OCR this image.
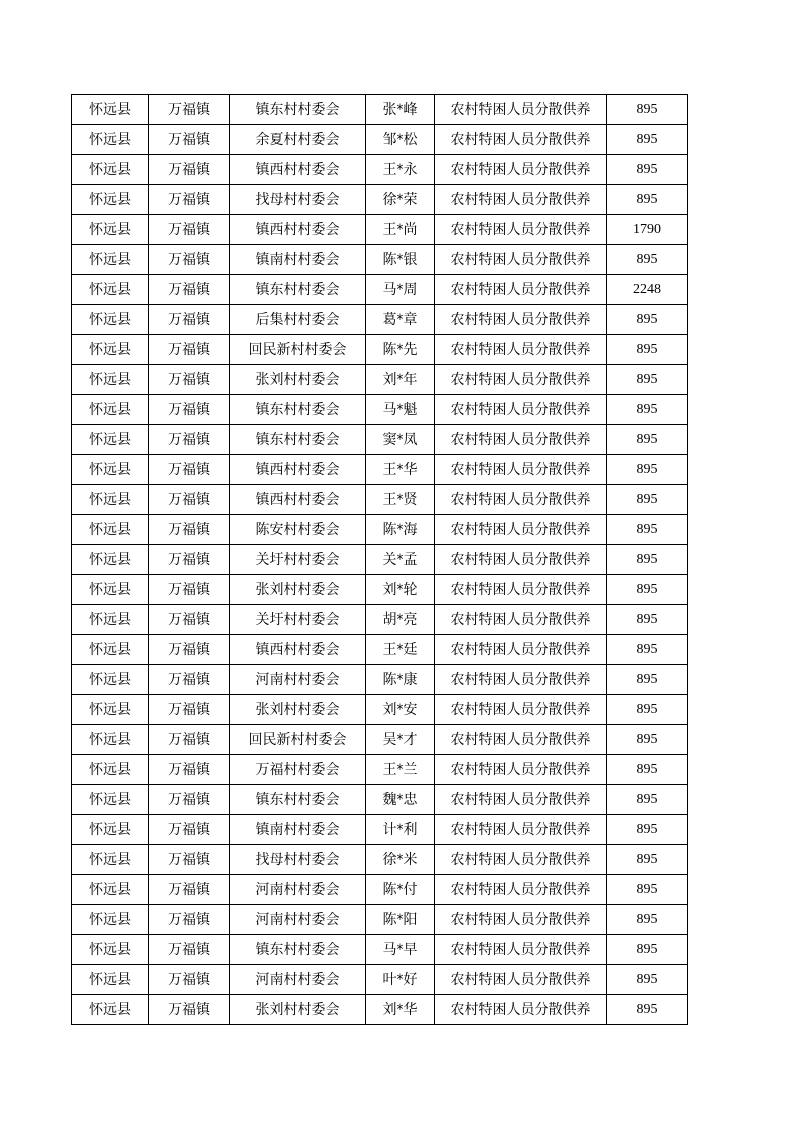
怀远县	万福镇	镇东村村委会	张*峰	农村特困人员分散供养	895
怀远县	万福镇	余夏村村委会	邹*松	农村特困人员分散供养	895
怀远县	万福镇	镇西村村委会	王*永	农村特困人员分散供养	895
怀远县	万福镇	找母村村委会	徐*荣	农村特困人员分散供养	895
怀远县	万福镇	镇西村村委会	王*尚	农村特困人员分散供养	1790
怀远县	万福镇	镇南村村委会	陈*银	农村特困人员分散供养	895
怀远县	万福镇	镇东村村委会	马*周	农村特困人员分散供养	2248
怀远县	万福镇	后集村村委会	葛*章	农村特困人员分散供养	895
怀远县	万福镇	回民新村村委会	陈*先	农村特困人员分散供养	895
怀远县	万福镇	张刘村村委会	刘*年	农村特困人员分散供养	895
怀远县	万福镇	镇东村村委会	马*魁	农村特困人员分散供养	895
怀远县	万福镇	镇东村村委会	窦*凤	农村特困人员分散供养	895
怀远县	万福镇	镇西村村委会	王*华	农村特困人员分散供养	895
怀远县	万福镇	镇西村村委会	王*贤	农村特困人员分散供养	895
怀远县	万福镇	陈安村村委会	陈*海	农村特困人员分散供养	895
怀远县	万福镇	关圩村村委会	关*孟	农村特困人员分散供养	895
怀远县	万福镇	张刘村村委会	刘*轮	农村特困人员分散供养	895
怀远县	万福镇	关圩村村委会	胡*亮	农村特困人员分散供养	895
怀远县	万福镇	镇西村村委会	王*廷	农村特困人员分散供养	895
怀远县	万福镇	河南村村委会	陈*康	农村特困人员分散供养	895
怀远县	万福镇	张刘村村委会	刘*安	农村特困人员分散供养	895
怀远县	万福镇	回民新村村委会	吴*才	农村特困人员分散供养	895
怀远县	万福镇	万福村村委会	王*兰	农村特困人员分散供养	895
怀远县	万福镇	镇东村村委会	魏*忠	农村特困人员分散供养	895
怀远县	万福镇	镇南村村委会	计*利	农村特困人员分散供养	895
怀远县	万福镇	找母村村委会	徐*米	农村特困人员分散供养	895
怀远县	万福镇	河南村村委会	陈*付	农村特困人员分散供养	895
怀远县	万福镇	河南村村委会	陈*阳	农村特困人员分散供养	895
怀远县	万福镇	镇东村村委会	马*早	农村特困人员分散供养	895
怀远县	万福镇	河南村村委会	叶*好	农村特困人员分散供养	895
怀远县	万福镇	张刘村村委会	刘*华	农村特困人员分散供养	895
